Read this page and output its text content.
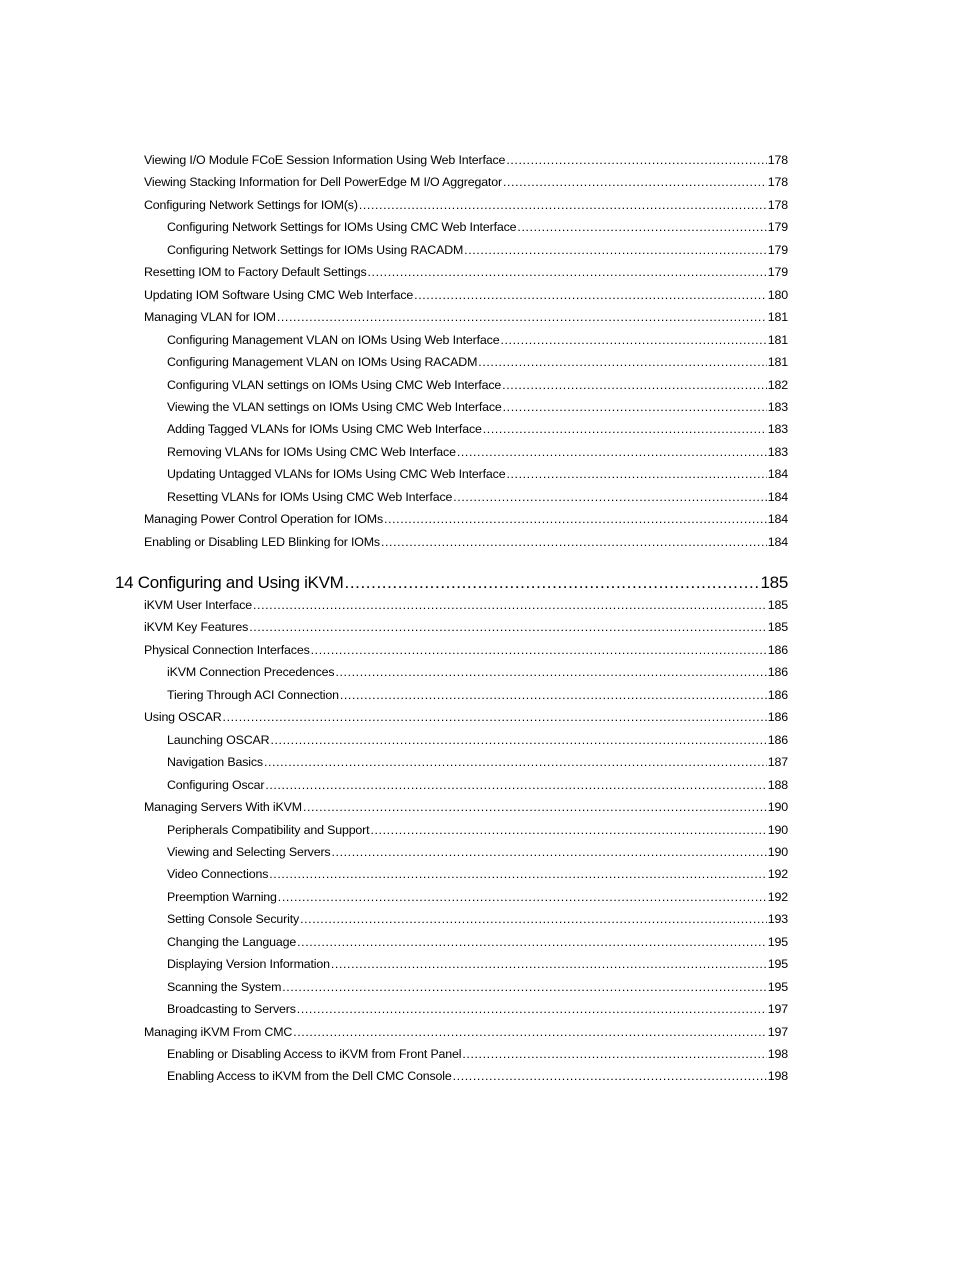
Viewing I/O Module FCoE Session Information Using Web Interface .....	178
Viewing Stacking Information for Dell PowerEdge M I/O Aggregator .....	178
Configuring Network Settings for IOM(s) .....	178
Configuring Network Settings for IOMs Using CMC Web Interface .....	179
Configuring Network Settings for IOMs Using RACADM .....	179
Resetting IOM to Factory Default Settings .....	179
Updating IOM Software Using CMC Web Interface .....	180
Managing VLAN for IOM .....	181
Configuring Management VLAN on IOMs Using Web Interface .....	181
Configuring Management VLAN on IOMs Using RACADM .....	181
Configuring VLAN settings on IOMs Using CMC Web Interface .....	182
Viewing the VLAN settings on IOMs Using CMC Web Interface .....	183
Adding Tagged VLANs for IOMs Using CMC Web Interface .....	183
Removing VLANs for IOMs Using CMC Web Interface .....	183
Updating Untagged VLANs for IOMs Using CMC Web Interface .....	184
Resetting VLANs for IOMs Using CMC Web Interface .....	184
Managing Power Control Operation for IOMs .....	184
Enabling or Disabling LED Blinking for IOMs .....	184
14 Configuring and Using iKVM .....	185
iKVM User Interface .....	185
iKVM Key Features .....	185
Physical Connection Interfaces .....	186
iKVM Connection Precedences .....	186
Tiering Through ACI Connection .....	186
Using OSCAR .....	186
Launching OSCAR .....	186
Navigation Basics .....	187
Configuring Oscar .....	188
Managing Servers With iKVM .....	190
Peripherals Compatibility and Support .....	190
Viewing and Selecting Servers .....	190
Video Connections .....	192
Preemption Warning .....	192
Setting Console Security .....	193
Changing the Language .....	195
Displaying Version Information .....	195
Scanning the System .....	195
Broadcasting to Servers .....	197
Managing iKVM From CMC .....	197
Enabling or Disabling Access to iKVM from Front Panel .....	198
Enabling Access to iKVM from the Dell CMC Console .....	198
